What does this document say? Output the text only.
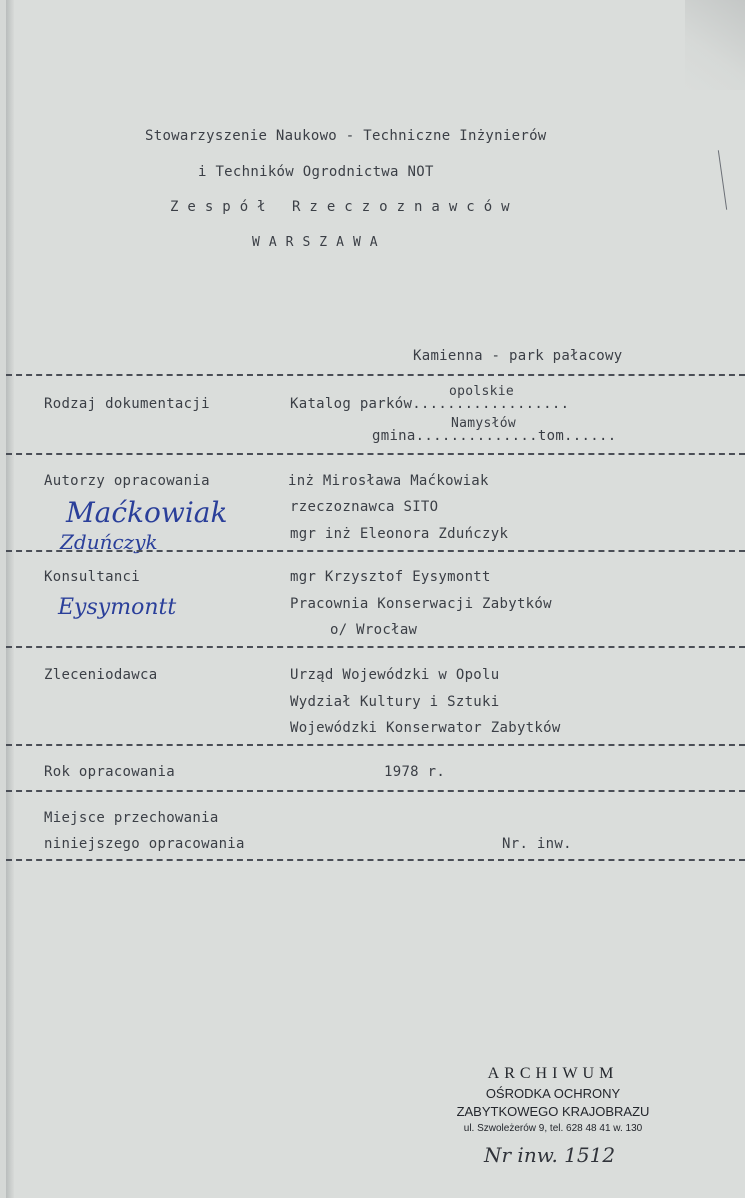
Stowarzyszenie Naukowo - Techniczne Inżynierów
i Techników Ogrodnictwa NOT
Zespół Rzeczoznawców
WARSZAWA
Kamienna - park pałacowy
Rodzaj dokumentacji	Katalog parków..................
opolskie
gmina..............tom......
Namysłów
Autorzy opracowania	inż Mirosława Maćkowiak
rzeczoznawca SITO
mgr inż Eleonora Zduńczyk
Maćkowiak
Zduńczyk
Konsultanci	mgr Krzysztof Eysymontt
Pracownia Konserwacji Zabytków
o/ Wrocław
Eysymontt
Zleceniodawca	Urząd Wojewódzki w Opolu
Wydział Kultury i Sztuki
Wojewódzki Konserwator Zabytków
Rok opracowania	1978 r.
Miejsce przechowania
niniejszego opracowania	Nr. inw.
ARCHIWUM
OŚRODKA OCHRONY
ZABYTKOWEGO KRAJOBRAZU
ul. Szwoleżerów 9, tel. 628 48 41 w. 130
Nr inw. 1512
